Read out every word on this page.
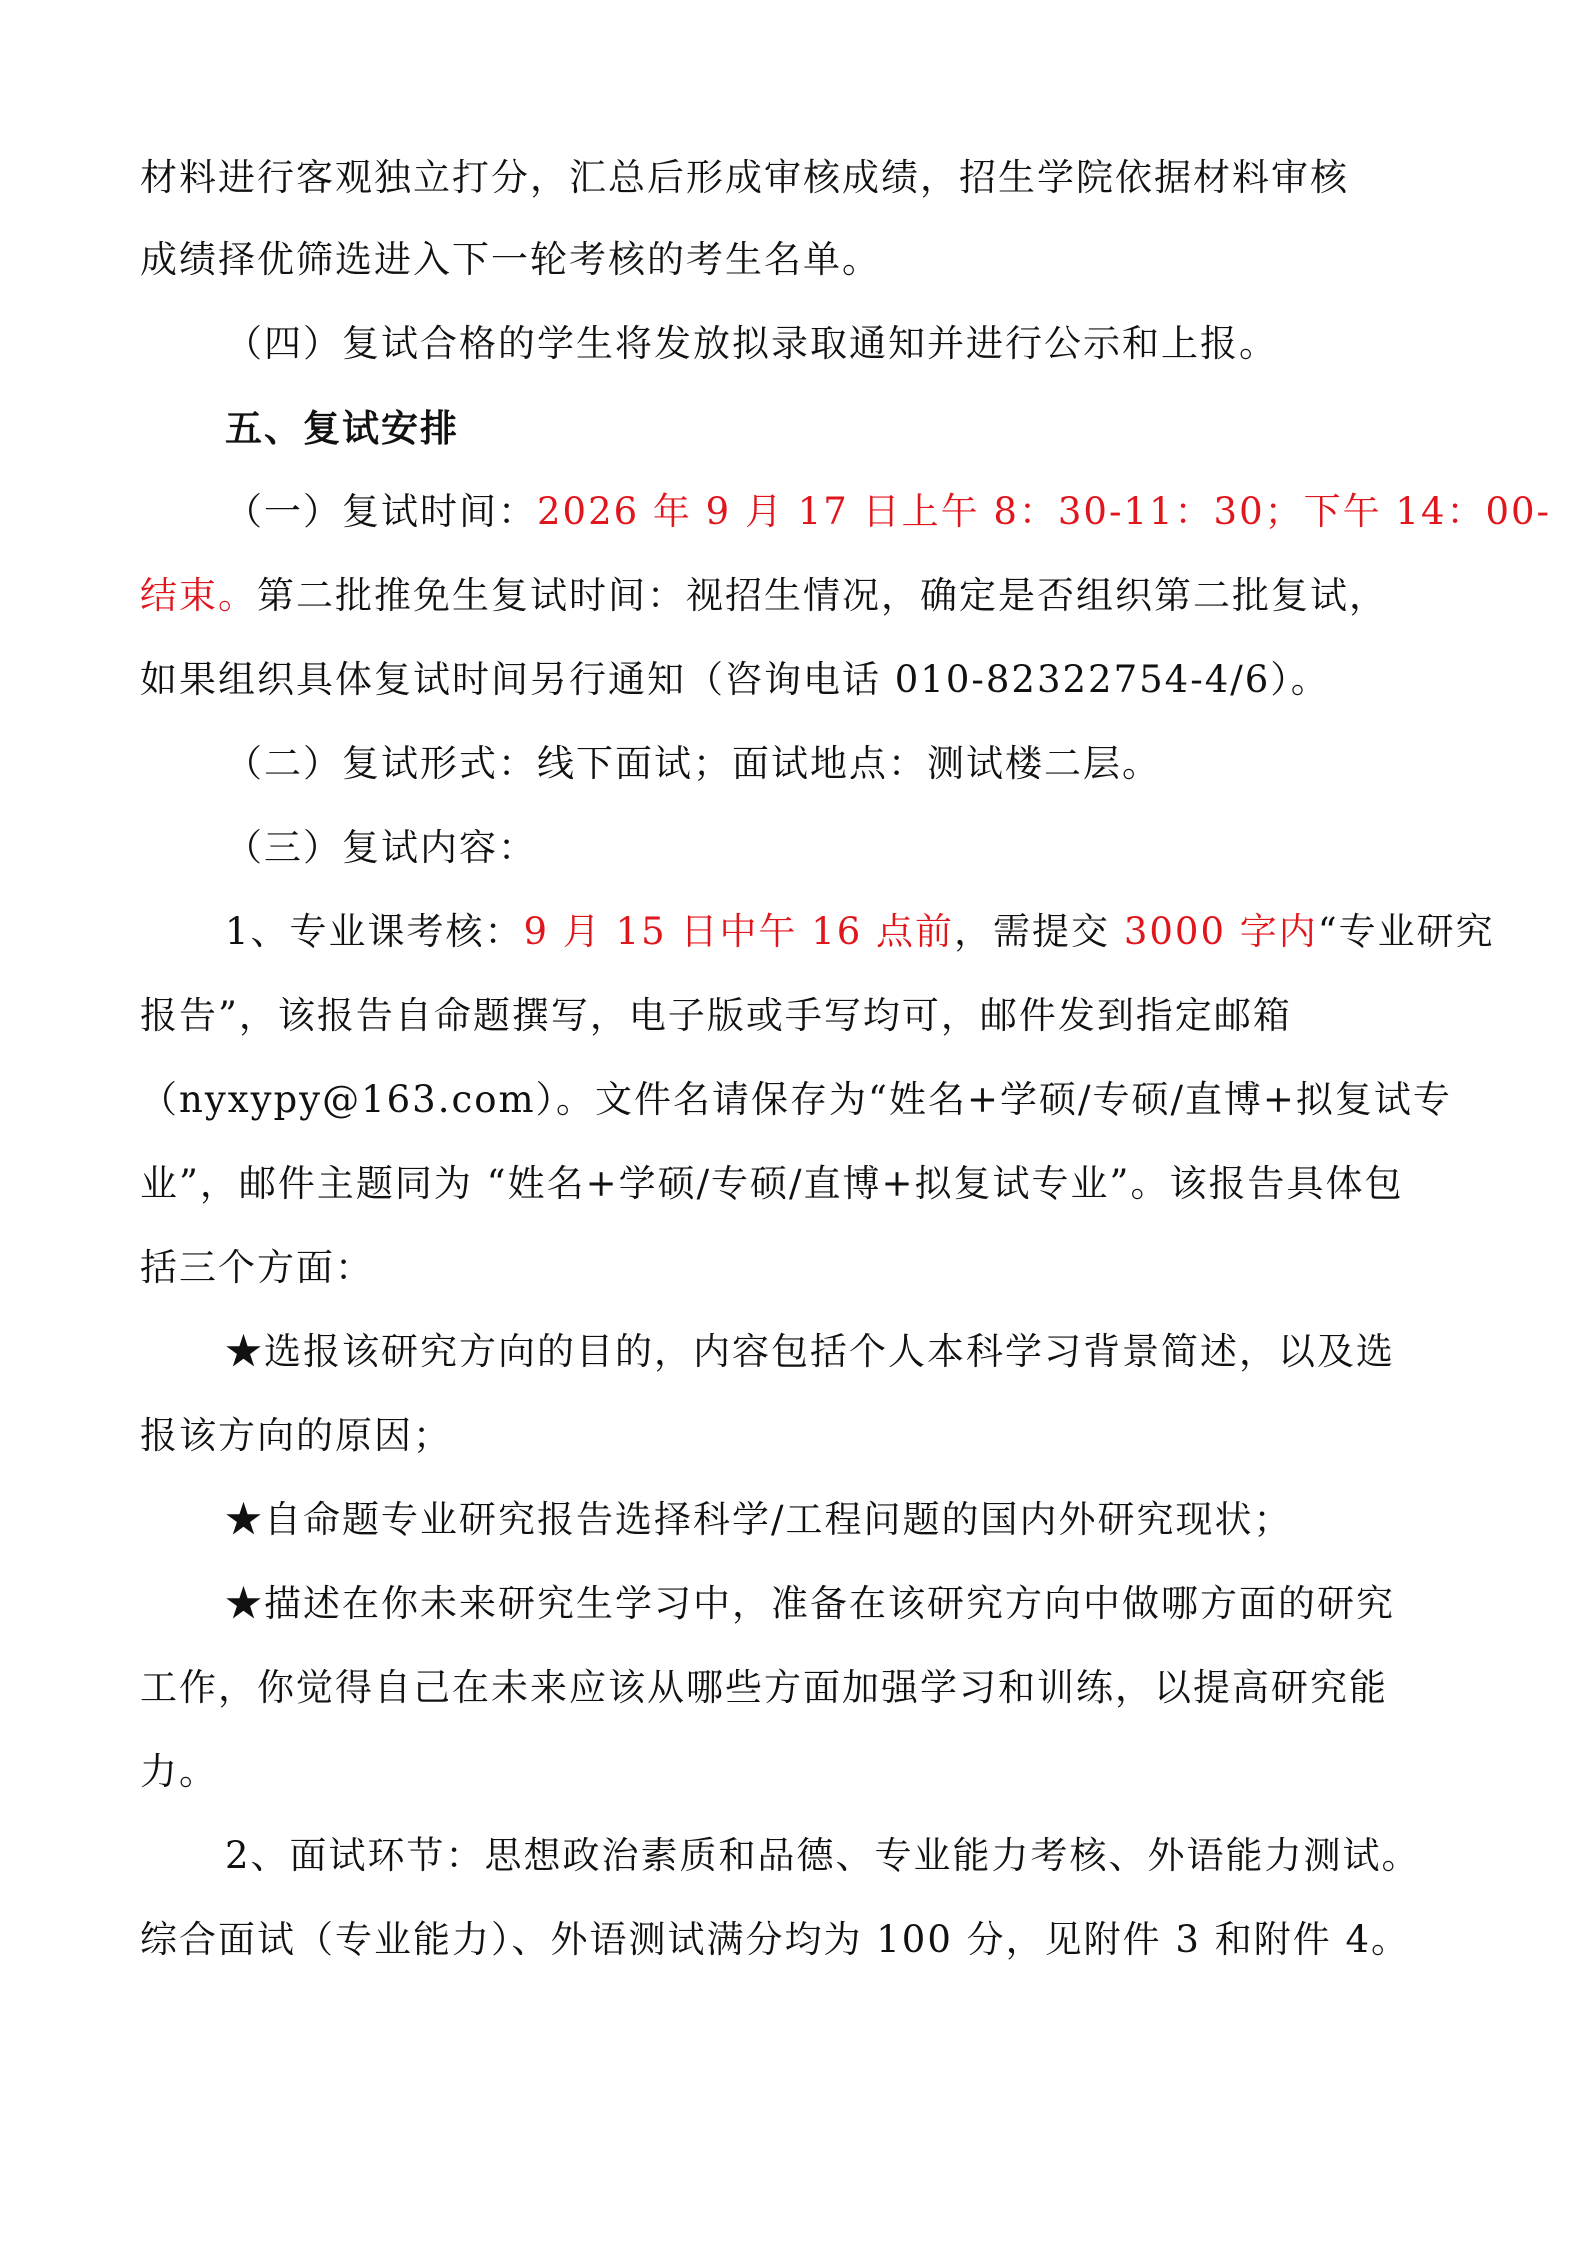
材料进行客观独立打分，汇总后形成审核成绩，招生学院依据材料审核
成绩择优筛选进入下一轮考核的考生名单。
（四）复试合格的学生将发放拟录取通知并进行公示和上报。
五、复试安排
（一）复试时间：2026 年 9 月 17 日上午 8：30-11：30；下午 14：00-
结束。第二批推免生复试时间：视招生情况，确定是否组织第二批复试，
如果组织具体复试时间另行通知（咨询电话 010-82322754-4/6）。
（二）复试形式：线下面试；面试地点：测试楼二层。
（三）复试内容：
1、专业课考核：9 月 15 日中午 16 点前，需提交 3000 字内“专业研究
报告”，该报告自命题撰写，电子版或手写均可，邮件发到指定邮箱
（nyxypy@163.com）。文件名请保存为“姓名+学硕/专硕/直博+拟复试专
业”，邮件主题同为 “姓名+学硕/专硕/直博+拟复试专业”。该报告具体包
括三个方面：
★选报该研究方向的目的，内容包括个人本科学习背景简述，以及选
报该方向的原因；
★自命题专业研究报告选择科学/工程问题的国内外研究现状；
★描述在你未来研究生学习中，准备在该研究方向中做哪方面的研究
工作，你觉得自己在未来应该从哪些方面加强学习和训练，以提高研究能
力。
2、面试环节：思想政治素质和品德、专业能力考核、外语能力测试。
综合面试（专业能力）、外语测试满分均为 100 分，见附件 3 和附件 4。
